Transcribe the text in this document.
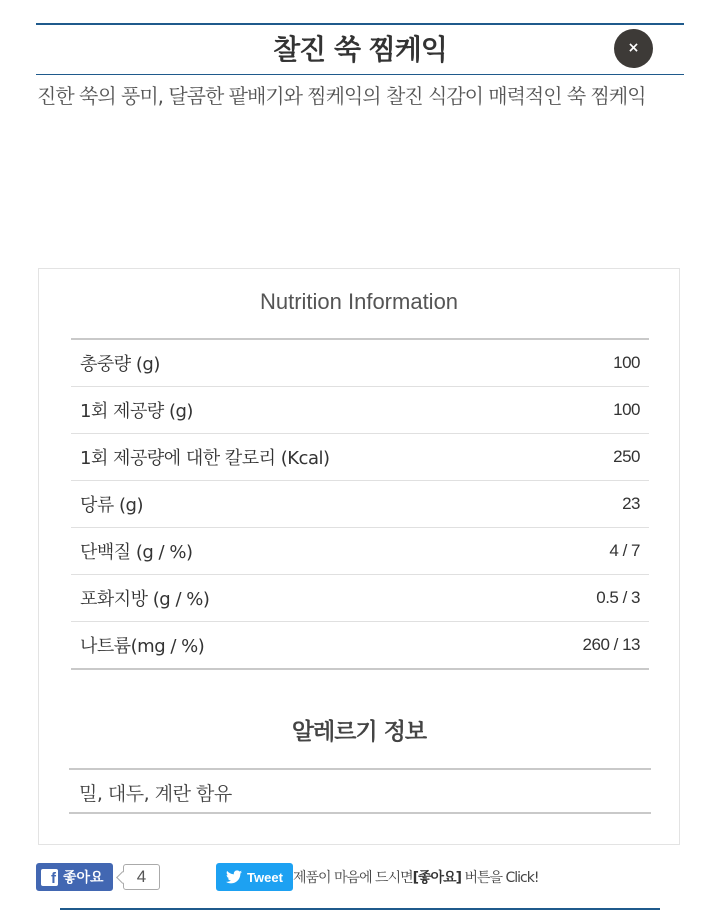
찰진 쑥 찜케익	×
진한 쑥의 풍미, 달콤한 팥배기와 찜케익의 찰진 식감이 매력적인 쑥 찜케익
Nutrition Information
총중량 (g)	100
1회 제공량 (g)	100
1회 제공량에 대한 칼로리 (Kcal)	250
당류 (g)	23
단백질 (g / %)	4 / 7
포화지방 (g / %)	0.5 / 3
나트륨(mg / %)	260 / 13
알레르기 정보
밀, 대두, 계란 함유
f 좋아요	4	Tweet 제품이 마음에 드시면[좋아요] 버튼을 Click!
